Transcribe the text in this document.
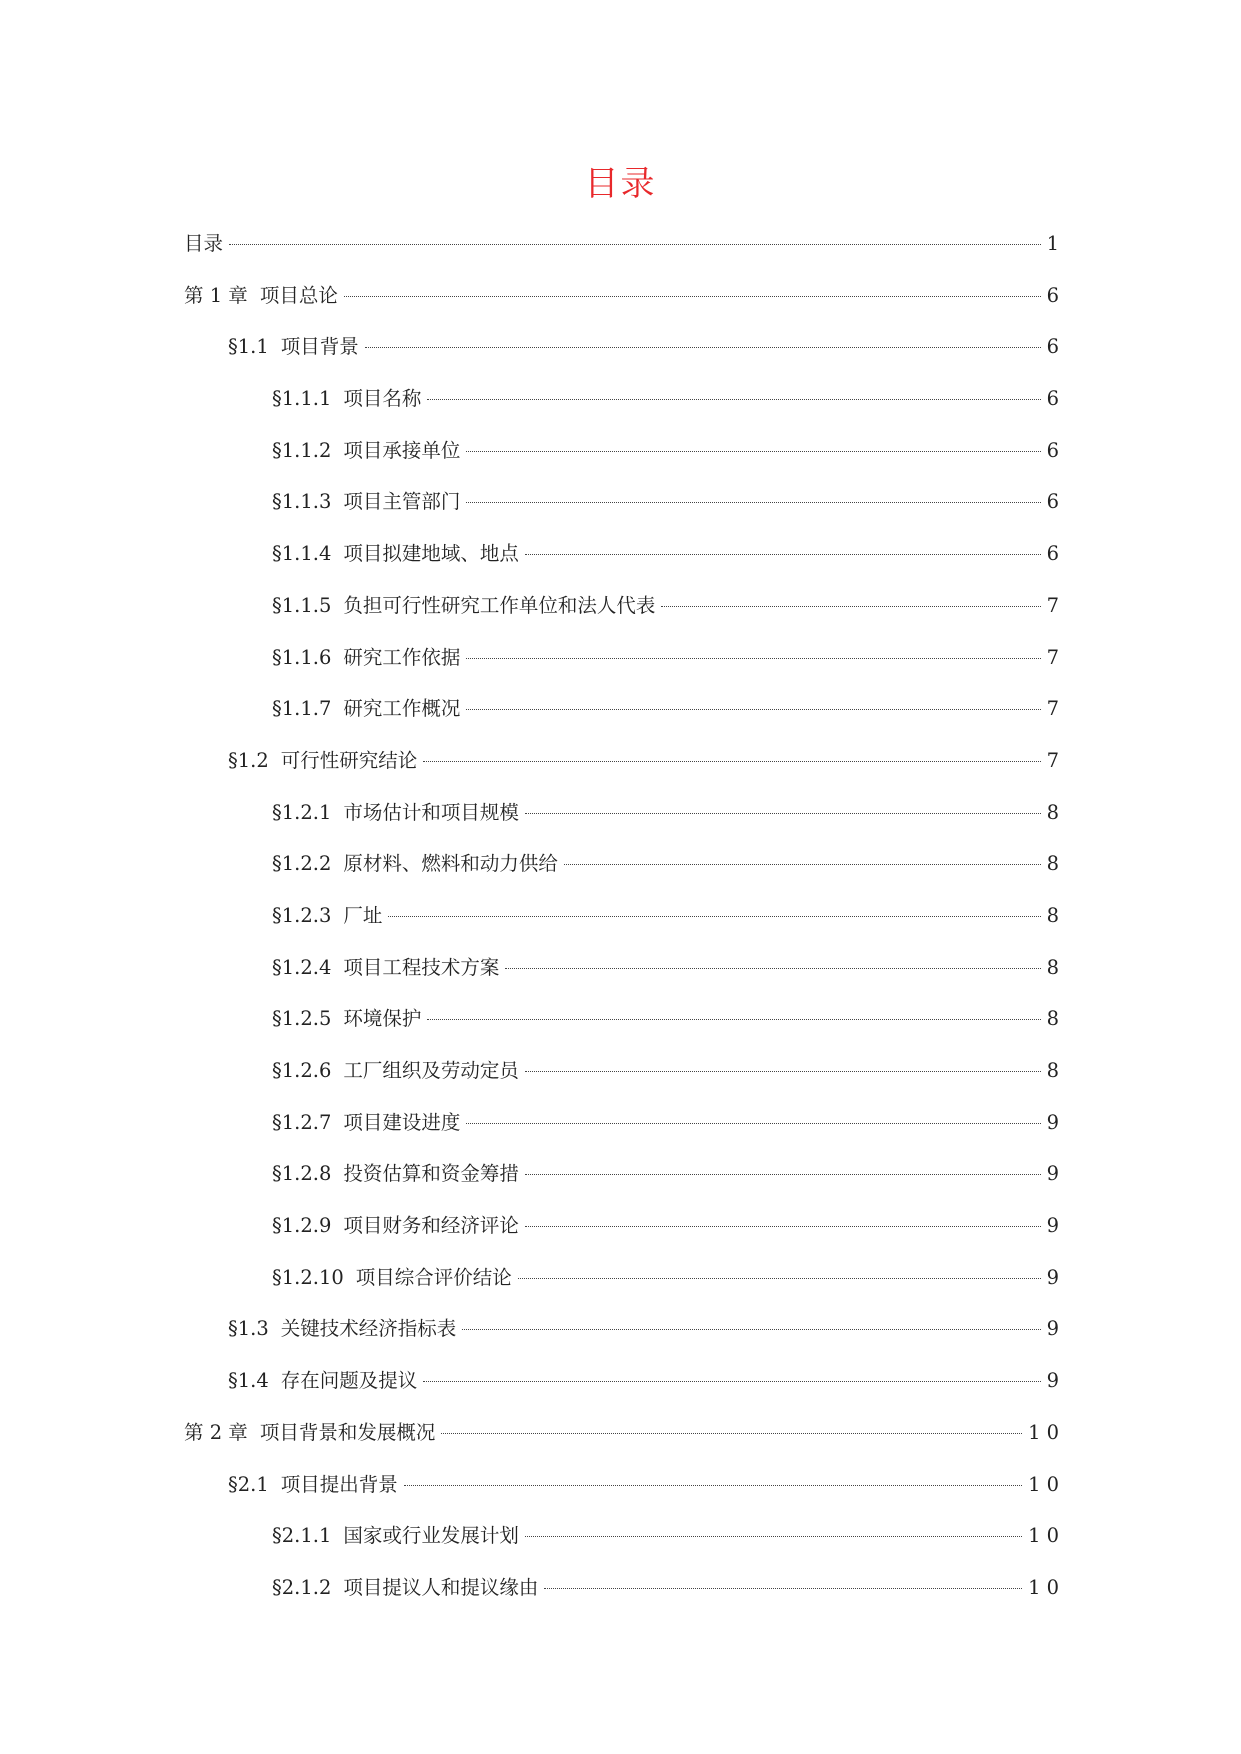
目录
目录	1
第 1 章 项目总论	6
§1.1 项目背景	6
§1.1.1 项目名称	6
§1.1.2 项目承接单位	6
§1.1.3 项目主管部门	6
§1.1.4 项目拟建地域、地点	6
§1.1.5 负担可行性研究工作单位和法人代表	7
§1.1.6 研究工作依据	7
§1.1.7 研究工作概况	7
§1.2 可行性研究结论	7
§1.2.1 市场估计和项目规模	8
§1.2.2 原材料、燃料和动力供给	8
§1.2.3 厂址	8
§1.2.4 项目工程技术方案	8
§1.2.5 环境保护	8
§1.2.6 工厂组织及劳动定员	8
§1.2.7 项目建设进度	9
§1.2.8 投资估算和资金筹措	9
§1.2.9 项目财务和经济评论	9
§1.2.10 项目综合评价结论	9
§1.3 关键技术经济指标表	9
§1.4 存在问题及提议	9
第 2 章 项目背景和发展概况	10
§2.1 项目提出背景	10
§2.1.1 国家或行业发展计划	10
§2.1.2 项目提议人和提议缘由	10
